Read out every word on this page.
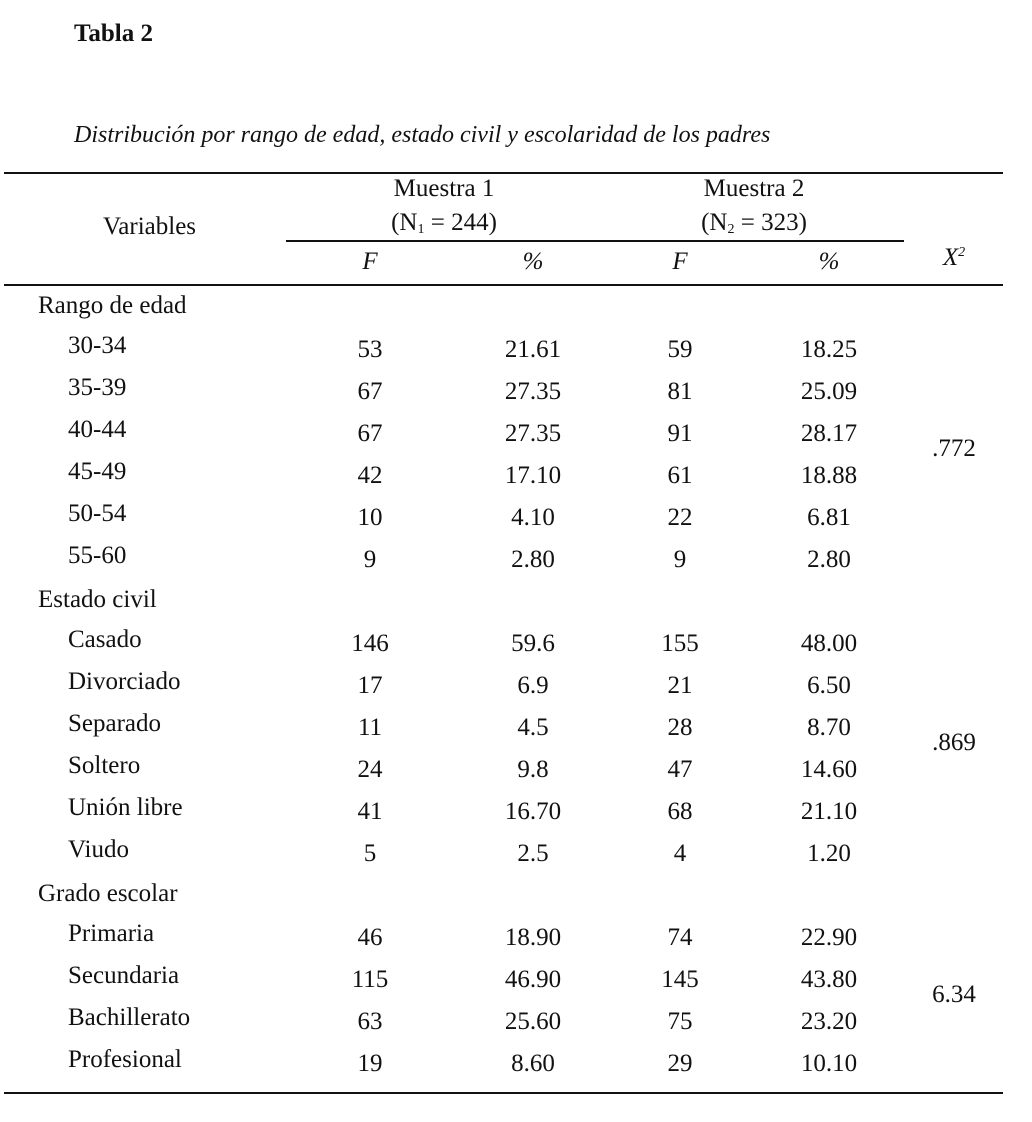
Tabla 2
Distribución por rango de edad, estado civil y escolaridad de los padres
Variables
Muestra 1
$(N_1 = 244)$
Muestra 2
$(N_2 = 323)$
F	%	F	%	$X^2$
Rango de edad
30-34	53	21.61	59	18.25
35-39	67	27.35	81	25.09
40-44	67	27.35	91	28.17
45-49	42	17.10	61	18.88
50-54	10	4.10	22	6.81
55-60	9	2.80	9	2.80
.772
Estado civil
Casado	146	59.6	155	48.00
Divorciado	17	6.9	21	6.50
Separado	11	4.5	28	8.70
Soltero	24	9.8	47	14.60
Unión libre	41	16.70	68	21.10
Viudo	5	2.5	4	1.20
.869
Grado escolar
Primaria	46	18.90	74	22.90
Secundaria	115	46.90	145	43.80
Bachillerato	63	25.60	75	23.20
Profesional	19	8.60	29	10.10
6.34
